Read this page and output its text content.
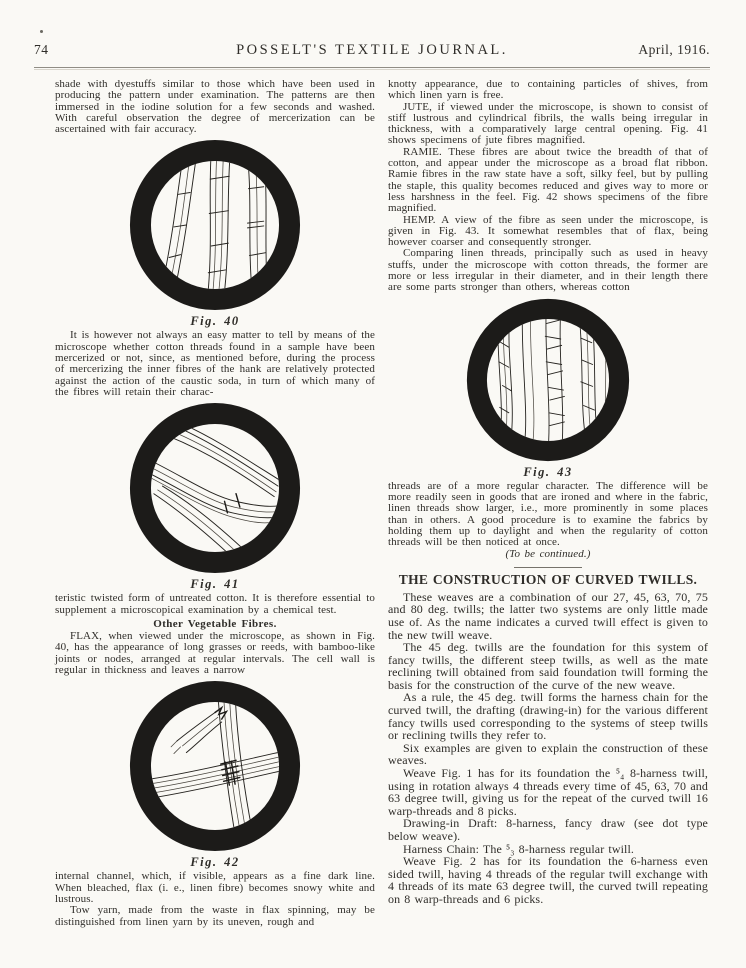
POSSELT'S TEXTILE JOURNAL.
74	April, 1916.

shade with dyestuffs similar to those which have been used in producing the pattern under examination. The patterns are then immersed in the iodine solution for a few seconds and washed. With careful observation the degree of mercerization can be ascertained with fair accuracy.

Fig. 40

It is however not always an easy matter to tell by means of the microscope whether cotton threads found in a sample have been mercerized or not, since, as mentioned before, during the process of mercerizing the inner fibres of the hank are relatively protected against the action of the caustic soda, in turn of which many of the fibres will retain their charac-

Fig. 41

teristic twisted form of untreated cotton. It is therefore essential to supplement a microscopical examination by a chemical test.

Other Vegetable Fibres.

FLAX, when viewed under the microscope, as shown in Fig. 40, has the appearance of long grasses or reeds, with bamboo-like joints or nodes, arranged at regular intervals. The cell wall is regular in thickness and leaves a narrow

Fig. 42

internal channel, which, if visible, appears as a fine dark line. When bleached, flax (i. e., linen fibre) becomes snowy white and lustrous.

Tow yarn, made from the waste in flax spinning, may be distinguished from linen yarn by its uneven, rough and

knotty appearance, due to containing particles of shives, from which linen yarn is free.

JUTE, if viewed under the microscope, is shown to consist of stiff lustrous and cylindrical fibrils, the walls being irregular in thickness, with a comparatively large central opening. Fig. 41 shows specimens of jute fibres magnified.

RAMIE. These fibres are about twice the breadth of that of cotton, and appear under the microscope as a broad flat ribbon. Ramie fibres in the raw state have a soft, silky feel, but by pulling the staple, this quality becomes reduced and gives way to more or less harshness in the feel. Fig. 42 shows specimens of the fibre magnified.

HEMP. A view of the fibre as seen under the microscope, is given in Fig. 43. It somewhat resembles that of flax, being however coarser and consequently stronger.

Comparing linen threads, principally such as used in heavy stuffs, under the microscope with cotton threads, the former are more or less irregular in their diameter, and in their length there are some parts stronger than others, whereas cotton

Fig. 43

threads are of a more regular character. The difference will be more readily seen in goods that are ironed and where in the fabric, linen threads show larger, i.e., more prominently in some places than in others. A good procedure is to examine the fabrics by holding them up to daylight and when the regularity of cotton threads will be then noticed at once.

(To be continued.)
THE CONSTRUCTION OF CURVED TWILLS.

These weaves are a combination of our 27, 45, 63, 70, 75 and 80 deg. twills; the latter two systems are only little made use of. As the name indicates a curved twill effect is given to the new twill weave.

The 45 deg. twills are the foundation for this system of fancy twills, the different steep twills, as well as the mate reclining twill obtained from said foundation twill forming the basis for the construction of the curve of the new weave.

As a rule, the 45 deg. twill forms the harness chain for the curved twill, the drafting (drawing-in) for the various different fancy twills used corresponding to the systems of steep twills or reclining twills they refer to.

Six examples are given to explain the construction of these weaves.

Weave Fig. 1 has for its foundation the ⁵₄ 8-harness twill, using in rotation always 4 threads every time of 45, 63, 70 and 63 degree twill, giving us for the repeat of the curved twill 16 warp-threads and 8 picks.

Drawing-in Draft: 8-harness, fancy draw (see dot type below weave).

Harness Chain: The ⁵₃ 8-harness regular twill.

Weave Fig. 2 has for its foundation the 6-harness even sided twill, having 4 threads of the regular twill exchange with 4 threads of its mate 63 degree twill, the curved twill repeating on 8 warp-threads and 6 picks.
